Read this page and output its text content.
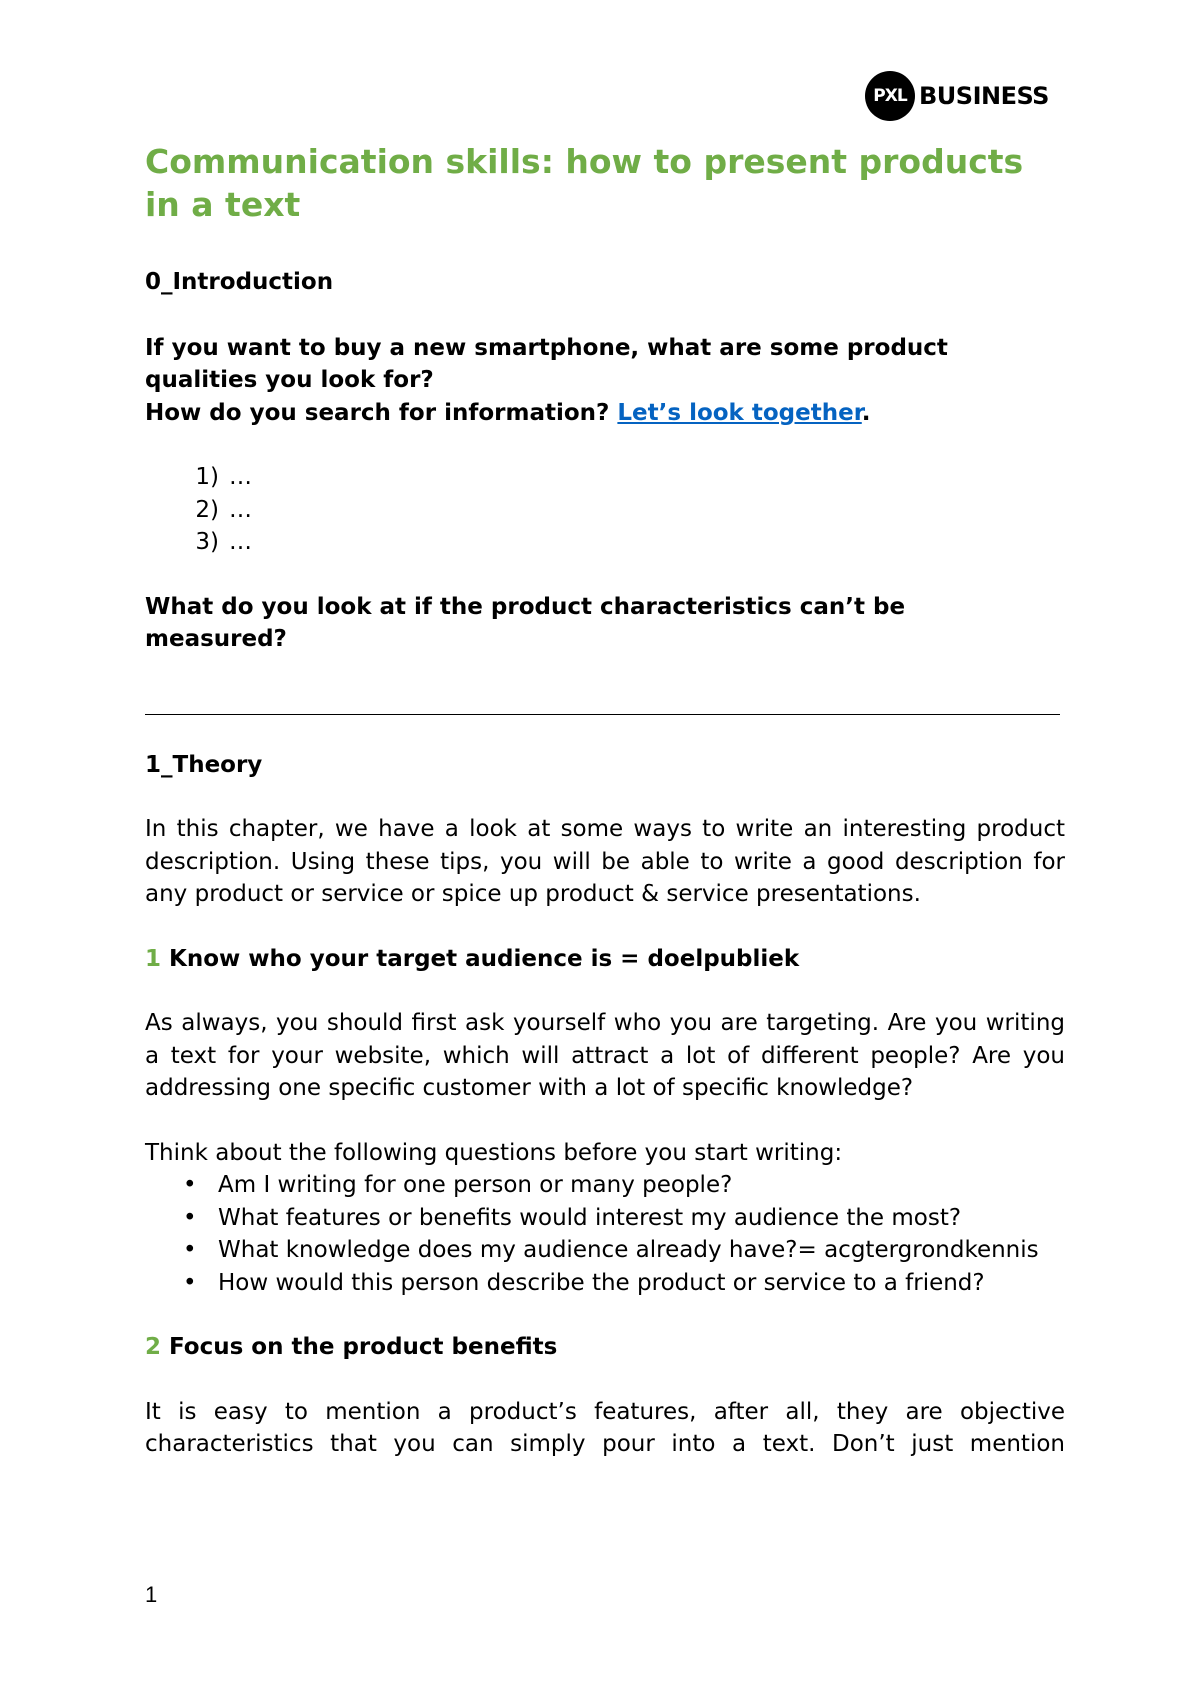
PXL BUSINESS
Communication skills: how to present products in a text

0_Introduction

If you want to buy a new smartphone, what are some product qualities you look for?

How do you search for information? Let’s look together.

1) …
2) …
3) …

What do you look at if the product characteristics can’t be measured?

1_Theory

In this chapter, we have a look at some ways to write an interesting product description. Using these tips, you will be able to write a good description for any product or service or spice up product & service presentations.

1 Know who your target audience is = doelpubliek

As always, you should first ask yourself who you are targeting. Are you writing a text for your website, which will attract a lot of different people? Are you addressing one specific customer with a lot of specific knowledge?

Think about the following questions before you start writing:

• Am I writing for one person or many people?
• What features or benefits would interest my audience the most?
• What knowledge does my audience already have?= acgtergrondkennis
• How would this person describe the product or service to a friend?

2 Focus on the product benefits

It is easy to mention a product’s features, after all, they are objective characteristics that you can simply pour into a text. Don’t just mention

1
